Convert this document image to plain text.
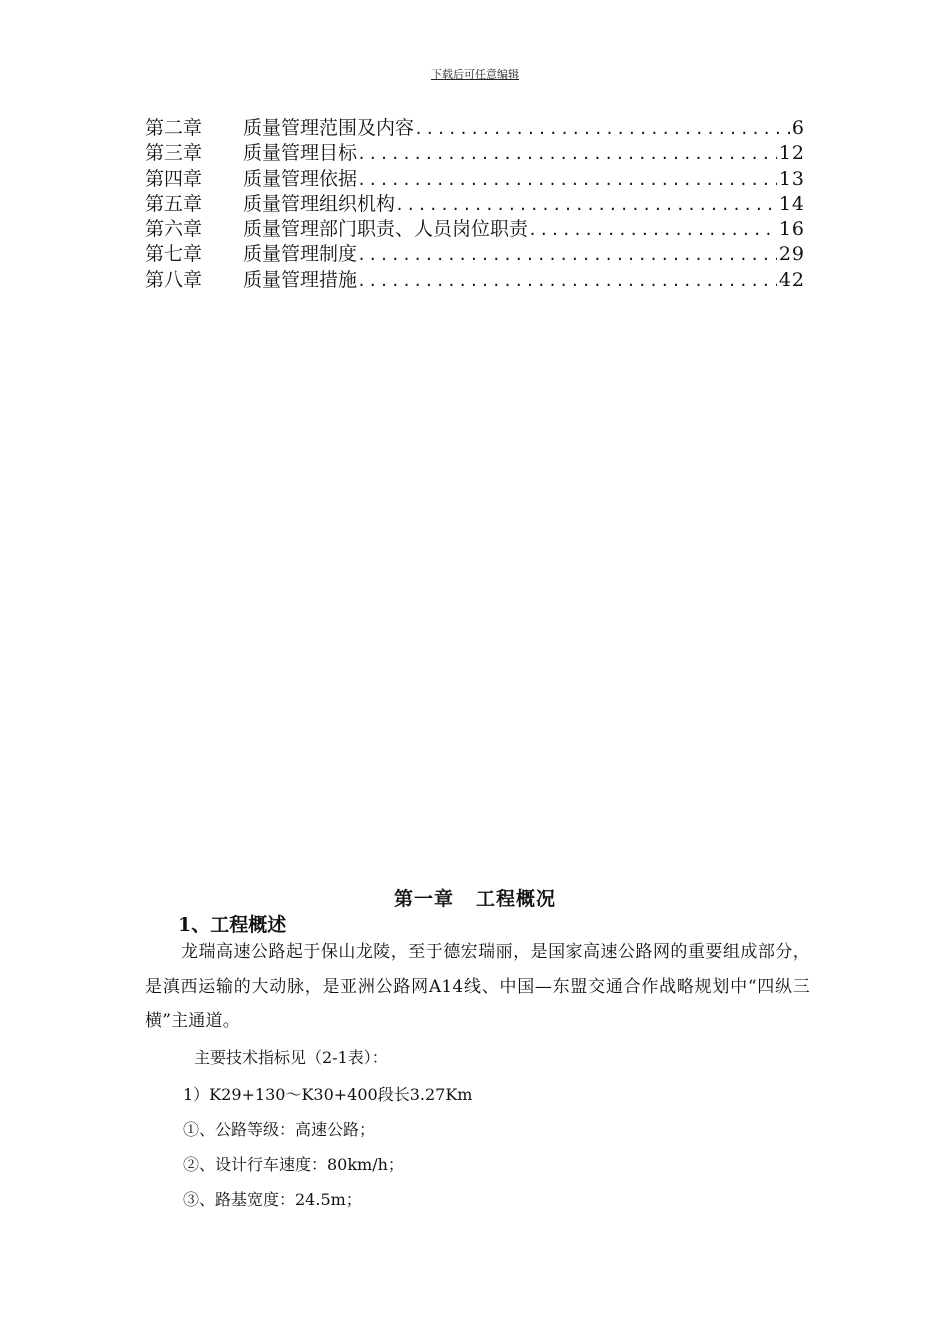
下载后可任意编辑
第二章	质量管理范围及内容 .....	6
第三章	质量管理目标 .....	12
第四章	质量管理依据 .....	13
第五章	质量管理组织机构 .....	14
第六章	质量管理部门职责、人员岗位职责 .....	16
第七章	质量管理制度 .....	29
第八章	质量管理措施 .....	42
第一章 工程概况
1、工程概述
龙瑞高速公路起于保山龙陵，至于德宏瑞丽，是国家高速公路网的重要组成部分，是滇西运输的大动脉，是亚洲公路网A14线、中国—东盟交通合作战略规划中“四纵三横”主通道。
主要技术指标见（2-1表）：
1）K29+130～K30+400段长3.27Km
①、公路等级：高速公路；
②、设计行车速度：80km/h；
③、路基宽度：24.5m；
